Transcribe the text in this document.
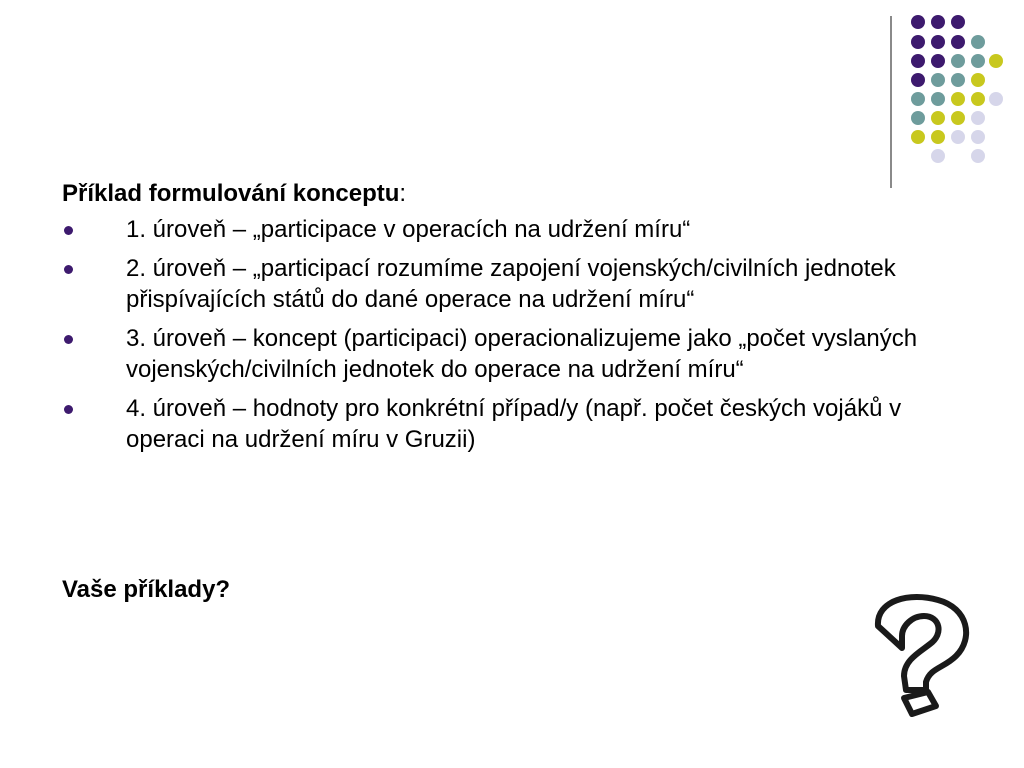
Příklad formulování konceptu:
1. úroveň – „participace v operacích na udržení míru“
2. úroveň – „participací rozumíme zapojení vojenských/civilních jednotek přispívajících států do dané operace na udržení míru“
3. úroveň – koncept (participaci) operacionalizujeme jako „počet vyslaných vojenských/civilních jednotek do operace na udržení míru“
4. úroveň – hodnoty pro konkrétní případ/y (např. počet českých vojáků v operaci na udržení míru v Gruzii)
Vaše příklady?
